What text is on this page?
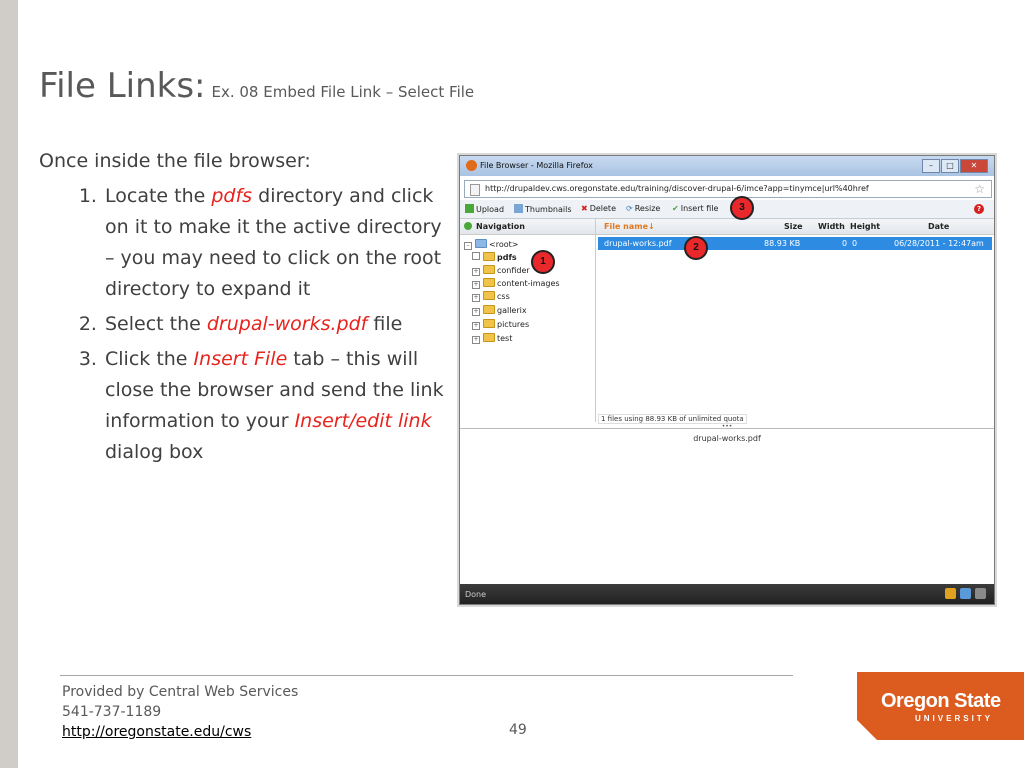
File Links: Ex. 08 Embed File Link – Select File
Once inside the file browser:
1. Locate the pdfs directory and click on it to make it the active directory – you may need to click on the root directory to expand it
2. Select the drupal-works.pdf file
3. Click the Insert File tab – this will close the browser and send the link information to your Insert/edit link dialog box
File Browser - Mozilla Firefox	–	□	✕
http://drupaldev.cws.oregonstate.edu/training/discover-drupal-6/imce?app=tinymce|url%40href	☆
Upload	Thumbnails ✖ Delete ⟳ Resize ✔ Insert file	?
Navigation
– <root>
pdfs
+ confider
+ content-images
+ css
+ gallerix
+ pictures
+ test
File name↓	Size Width Height	Date
drupal-works.pdf	88.93 KB	0 0	06/28/2011 - 12:47am
1 files using 88.93 KB of unlimited quota
•••
drupal-works.pdf
Done
1
2
3
Provided by Central Web Services
541-737-1189
http://oregonstate.edu/cws	49
Oregon State
UNIVERSITY
